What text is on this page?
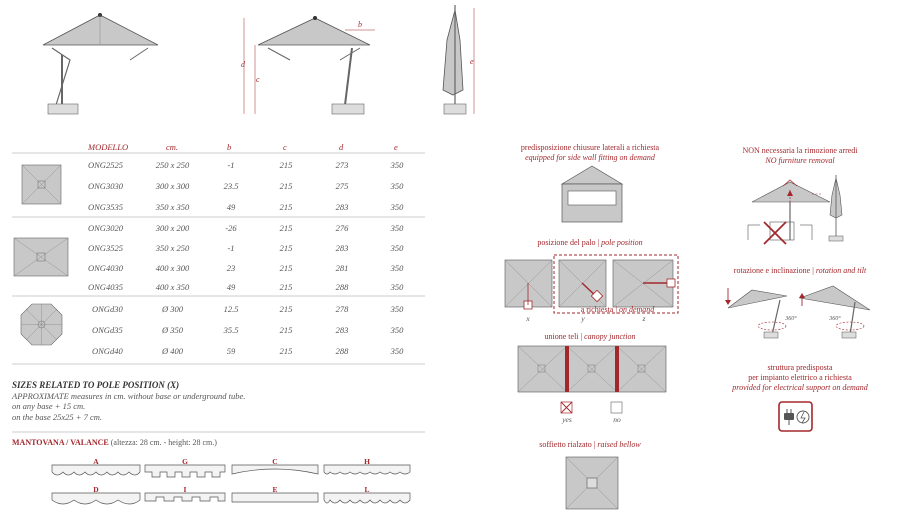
b
d
c
e
MODELLO	cm.	b	c	d	e
ONG2525	250 x 250	-1	215	273	350
ONG3030	300 x 300	23.5	215	275	350
ONG3535	350 x 350	49	215	283	350
ONG3020	300 x 200	-26	215	276	350
ONG3525	350 x 250	-1	215	283	350
ONG4030	400 x 300	23	215	281	350
ONG4035	400 x 350	49	215	288	350
ONGd30	Ø 300	12.5	215	278	350
ONGd35	Ø 350	35.5	215	283	350
ONGd40	Ø 400	59	215	288	350
SIZES RELATED TO POLE POSITION (X)
APPROXIMATE measures in cm. without base or underground tube.
on any base + 15 cm.
on the base 25x25 + 7 cm.
MANTOVANA / VALANCE (altezza: 28 cm. - height: 28 cm.)
A	G	C	H
D	I	E	L
predisposizione chiusure laterali a richiesta
equipped for side wall fitting on demand
posizione del palo | pole position
x	y	z
a richiesta | on demand
unione teli | canopy junction
yes	no
soffietto rialzato | raised bellow
NON necessaria la rimozione arredi
NO furniture removal
rotazione e inclinazione | rotation and tilt
360°	360°
struttura predisposta
per impianto elettrico a richiesta
provided for electrical support on demand
